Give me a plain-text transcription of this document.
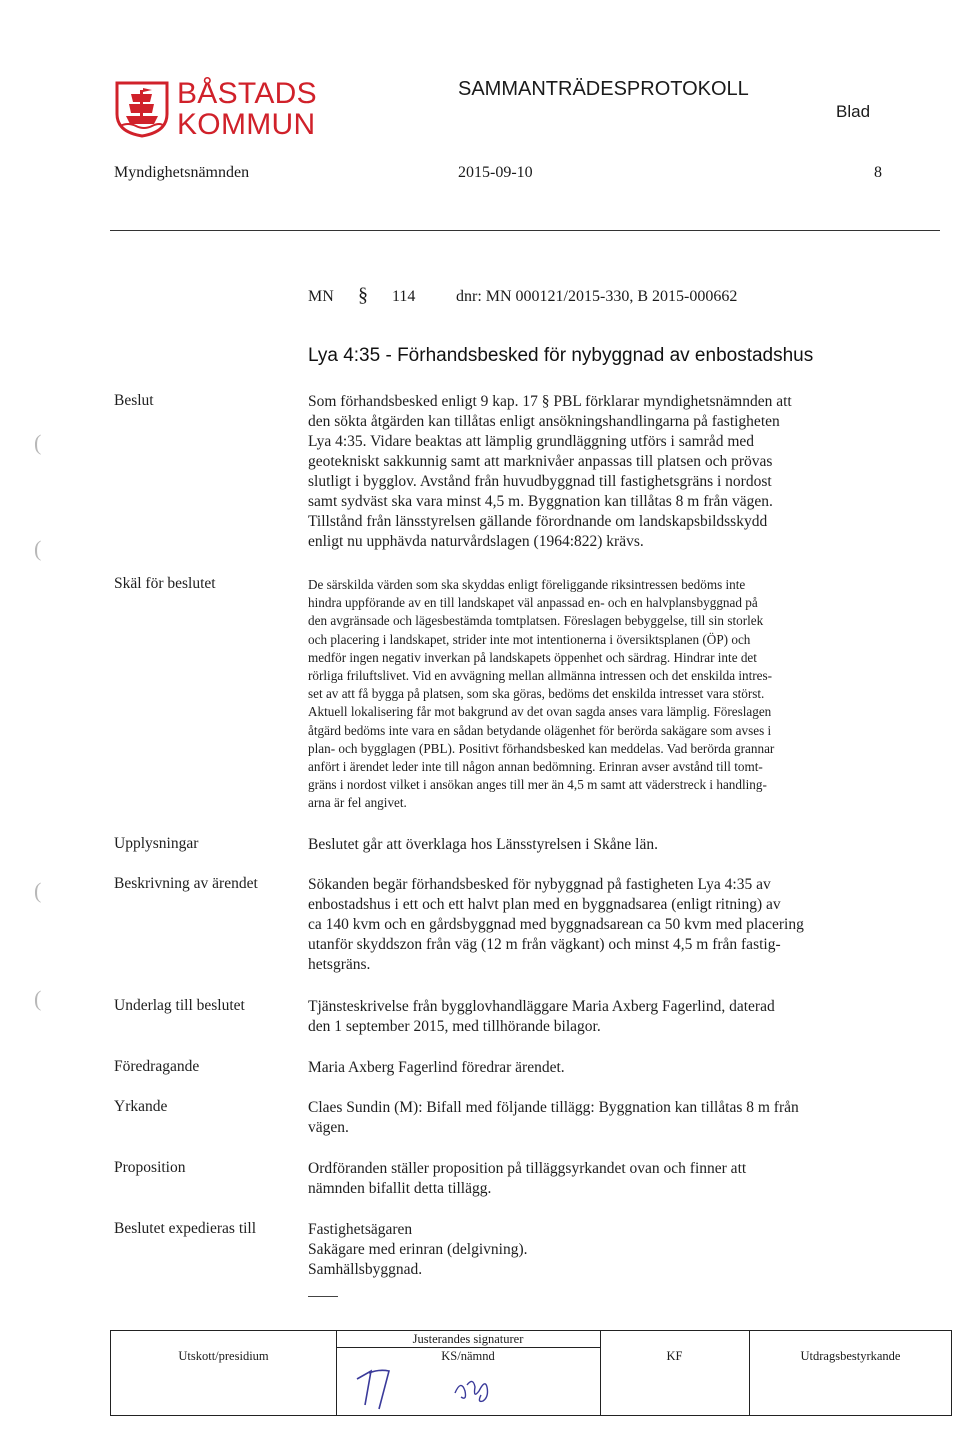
BÅSTADS
KOMMUN
SAMMANTRÄDESPROTOKOLL
Blad
Myndighetsnämnden	2015-09-10	8
MN § 114	dnr: MN 000121/2015-330, B 2015-000662
Lya 4:35 - Förhandsbesked för nybyggnad av enbostadshus
(
(
(
(
Beslut	Som förhandsbesked enligt 9 kap. 17 § PBL förklarar myndighetsnämnden att

den sökta åtgärden kan tillåtas enligt ansökningshandlingarna på fastigheten

Lya 4:35. Vidare beaktas att lämplig grundläggning utförs i samråd med

geotekniskt sakkunnig samt att marknivåer anpassas till platsen och prövas

slutligt i bygglov. Avstånd från huvudbyggnad till fastighetsgräns i nordost

samt sydväst ska vara minst 4,5 m. Byggnation kan tillåtas 8 m från vägen.

Tillstånd från länsstyrelsen gällande förordnande om landskapsbildsskydd

enligt nu upphävda naturvårdslagen (1964:822) krävs.

Skäl för beslutet	De särskilda värden som ska skyddas enligt föreliggande riksintressen bedöms inte

hindra uppförande av en till landskapet väl anpassad en- och en halvplansbyggnad på

den avgränsade och lägesbestämda tomtplatsen. Föreslagen bebyggelse, till sin storlek

och placering i landskapet, strider inte mot intentionerna i översiktsplanen (ÖP) och

medför ingen negativ inverkan på landskapets öppenhet och särdrag. Hindrar inte det

rörliga friluftslivet. Vid en avvägning mellan allmänna intressen och det enskilda intres-

set av att få bygga på platsen, som ska göras, bedöms det enskilda intresset vara störst.

Aktuell lokalisering får mot bakgrund av det ovan sagda anses vara lämplig. Föreslagen

åtgärd bedöms inte vara en sådan betydande olägenhet för berörda sakägare som avses i

plan- och bygglagen (PBL). Positivt förhandsbesked kan meddelas. Vad berörda grannar

anfört i ärendet leder inte till någon annan bedömning. Erinran avser avstånd till tomt-

gräns i nordost vilket i ansökan anges till mer än 4,5 m samt att väderstreck i handling-

arna är fel angivet.

Upplysningar	Beslutet går att överklaga hos Länsstyrelsen i Skåne län.

Beskrivning av ärendet	Sökanden begär förhandsbesked för nybyggnad på fastigheten Lya 4:35 av

enbostadshus i ett och ett halvt plan med en byggnadsarea (enligt ritning) av

ca 140 kvm och en gårdsbyggnad med byggnadsarean ca 50 kvm med placering

utanför skyddszon från väg (12 m från vägkant) och minst 4,5 m från fastig-

hetsgräns.

Underlag till beslutet	Tjänsteskrivelse från bygglovhandläggare Maria Axberg Fagerlind, daterad

den 1 september 2015, med tillhörande bilagor.

Föredragande	Maria Axberg Fagerlind föredrar ärendet.

Yrkande	Claes Sundin (M): Bifall med följande tillägg: Byggnation kan tillåtas 8 m från

vägen.

Proposition	Ordföranden ställer proposition på tilläggsyrkandet ovan och finner att

nämnden bifallit detta tillägg.

Beslutet expedieras till	Fastighetsägaren

Sakägare med erinran (delgivning).

Samhällsbyggnad.

Justerandes signaturer
Utskott/presidium	KS/nämnd	KF	Utdragsbestyrkande
